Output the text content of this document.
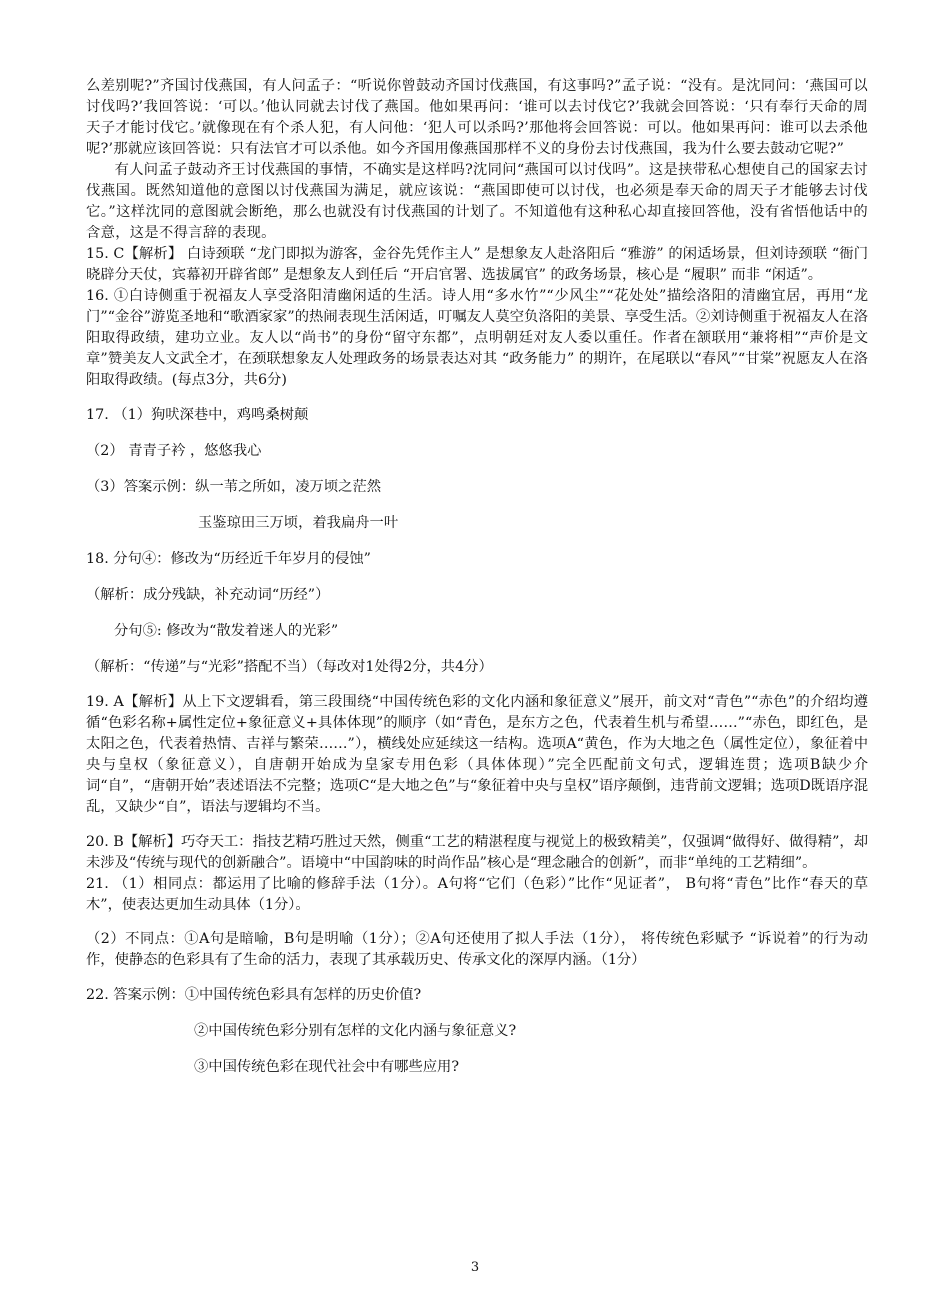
么差别呢?”齐国讨伐燕国，有人问孟子：“听说你曾鼓动齐国讨伐燕国，有这事吗?”孟子说：“没有。是沈同问：‘燕国可以讨伐吗?’我回答说：‘可以。’他认同就去讨伐了燕国。他如果再问：‘谁可以去讨伐它?’我就会回答说：‘只有奉行天命的周天子才能讨伐它。’就像现在有个杀人犯，有人问他：‘犯人可以杀吗?’那他将会回答说：可以。他如果再问：谁可以去杀他呢?’那就应该回答说：只有法官才可以杀他。如今齐国用像燕国那样不义的身份去讨伐燕国，我为什么要去鼓动它呢?”

有人问孟子鼓动齐王讨伐燕国的事情，不确实是这样吗?沈同问“燕国可以讨伐吗”。这是挟带私心想使自己的国家去讨伐燕国。既然知道他的意图以讨伐燕国为满足，就应该说：“燕国即使可以讨伐，也必须是奉天命的周天子才能够去讨伐它。”这样沈同的意图就会断绝，那么也就没有讨伐燕国的计划了。不知道他有这种私心却直接回答他，没有省悟他话中的含意，这是不得言辞的表现。

15. C【解析】 白诗颈联 “龙门即拟为游客，金谷先凭作主人” 是想象友人赴洛阳后 “雅游” 的闲适场景，但刘诗颈联 “衙门晓辟分天仗，宾幕初开辟省郎” 是想象友人到任后 “开启官署、选拔属官” 的政务场景，核心是 “履职” 而非 “闲适”。

16. ①白诗侧重于祝福友人享受洛阳清幽闲适的生活。诗人用“多水竹”“少风尘”“花处处”描绘洛阳的清幽宜居，再用“龙门”“金谷”游览圣地和“歌酒家家”的热闹表现生活闲适，叮嘱友人莫空负洛阳的美景、享受生活。②刘诗侧重于祝福友人在洛阳取得政绩，建功立业。友人以“尚书”的身份“留守东都”，点明朝廷对友人委以重任。作者在颔联用“兼将相”“声价是文章”赞美友人文武全才，在颈联想象友人处理政务的场景表达对其 “政务能力” 的期许，在尾联以“春风”“甘棠”祝愿友人在洛阳取得政绩。(每点3分，共6分)

17. （1）狗吠深巷中，鸡鸣桑树颠

（2） 青青子衿 ，悠悠我心

（3）答案示例：纵一苇之所如，凌万顷之茫然

玉鉴琼田三万顷，着我扁舟一叶

18. 分句④：修改为“历经近千年岁月的侵蚀”

（解析：成分残缺，补充动词“历经”）

分句⑤: 修改为“散发着迷人的光彩”

（解析：“传递”与“光彩”搭配不当）（每改对1处得2分，共4分）

19. A【解析】从上下文逻辑看，第三段围绕“中国传统色彩的文化内涵和象征意义”展开，前文对“青色”“赤色”的介绍均遵循“色彩名称+属性定位+象征意义+具体体现”的顺序（如“青色，是东方之色，代表着生机与希望……”“赤色，即红色，是太阳之色，代表着热情、吉祥与繁荣……”），横线处应延续这一结构。选项A“黄色，作为大地之色（属性定位），象征着中央与皇权（象征意义），自唐朝开始成为皇家专用色彩（具体体现）”完全匹配前文句式，逻辑连贯；选项B缺少介词“自”，“唐朝开始”表述语法不完整；选项C“是大地之色”与“象征着中央与皇权”语序颠倒，违背前文逻辑；选项D既语序混乱，又缺少“自”，语法与逻辑均不当。

20. B【解析】巧夺天工：指技艺精巧胜过天然，侧重“工艺的精湛程度与视觉上的极致精美”，仅强调“做得好、做得精”，却未涉及“传统与现代的创新融合”。语境中“中国韵味的时尚作品”核心是“理念融合的创新”，而非“单纯的工艺精细”。

21. （1）相同点：都运用了比喻的修辞手法（1分）。A句将“它们（色彩）”比作“见证者”， B句将“青色”比作“春天的草木”，使表达更加生动具体（1分）。

（2）不同点：①A句是暗喻，B句是明喻（1分）；②A句还使用了拟人手法（1分）， 将传统色彩赋予 “诉说着”的行为动作，使静态的色彩具有了生命的活力，表现了其承载历史、传承文化的深厚内涵。（1分）

22. 答案示例：①中国传统色彩具有怎样的历史价值?

②中国传统色彩分别有怎样的文化内涵与象征意义?

③中国传统色彩在现代社会中有哪些应用?

3
